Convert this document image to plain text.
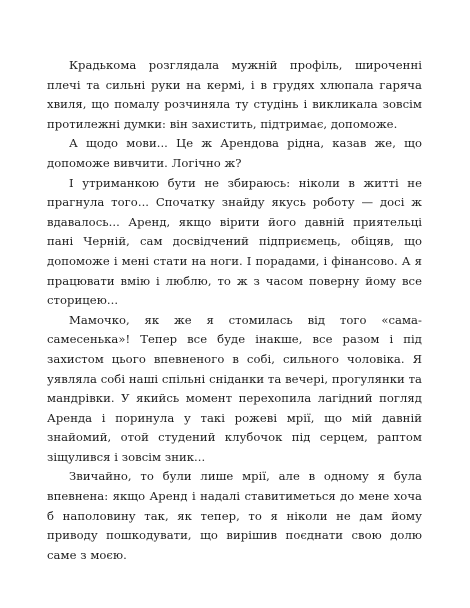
Крадькома розглядала мужній профіль, широченні плечі та сильні руки на кермі, і в грудях хлюпала гаряча хвиля, що помалу розчиняла ту студінь і викликала зовсім протилежні думки: він захистить, підтримає, допоможе.

А щодо мови... Це ж Арендова рідна, казав же, що допоможе вивчити. Логічно ж?

І утриманкою бути не збираюсь: ніколи в житті не прагнула того... Спочатку знайду якусь роботу — досі ж вдавалось... Аренд, якщо вірити його давній приятельці пані Черній, сам досвідчений підприємець, обіцяв, що допоможе і мені стати на ноги. І порадами, і фінансово. А я працювати вмію і люблю, то ж з часом поверну йому все сторицею...

Мамочко, як же я стомилась від того «сама-самесенька»! Тепер все буде інакше, все разом і під захистом цього впевненого в собі, сильного чоловіка. Я уявляла собі наші спільні сніданки та вечері, прогулянки та мандрівки. У якийсь момент перехопила лагідний погляд Аренда і поринула у такі рожеві мрії, що мій давній знайомий, отой студений клубочок під серцем, раптом зіщулився і зовсім зник...

Звичайно, то були лише мрії, але в одному я була впевнена: якщо Аренд і надалі ставитиметься до мене хоча б наполовину так, як тепер, то я ніколи не дам йому приводу пошкодувати, що вирішив поєднати свою долю саме з моєю.
